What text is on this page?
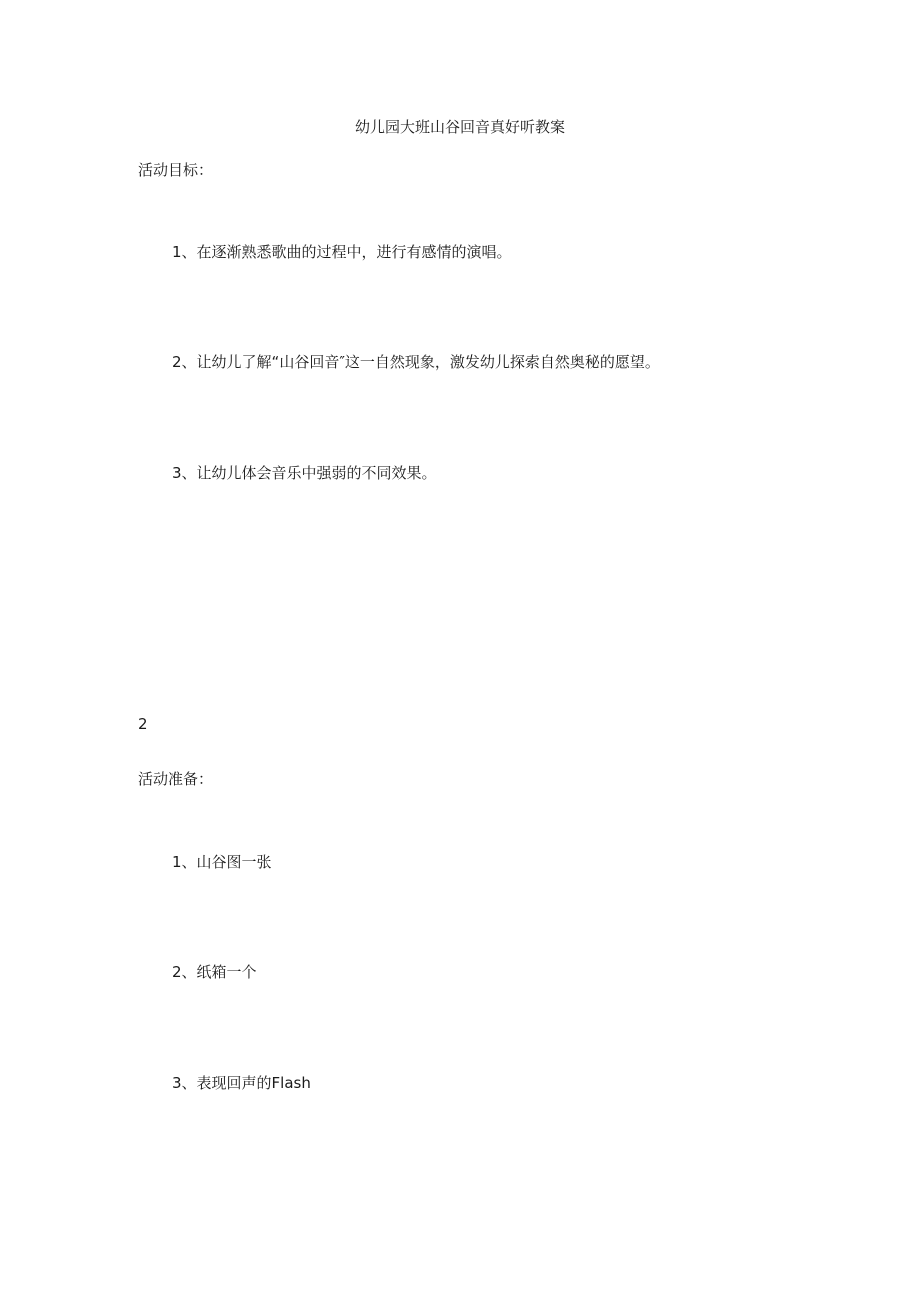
幼儿园大班山谷回音真好听教案
活动目标：
1、在逐渐熟悉歌曲的过程中，进行有感情的演唱。
2、让幼儿了解“山谷回音″这一自然现象，激发幼儿探索自然奥秘的愿望。
3、让幼儿体会音乐中强弱的不同效果。
2
活动准备：
1、山谷图一张
2、纸箱一个
3、表现回声的Flash
